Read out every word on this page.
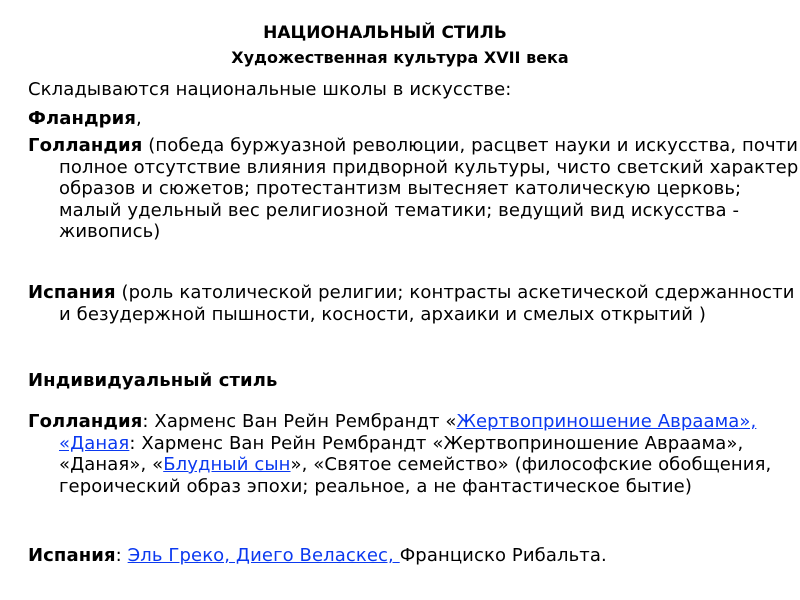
НАЦИОНАЛЬНЫЙ СТИЛЬ
Художественная культура XVII века
Складываются национальные школы в искусстве:
Фландрия,
Голландия (победа буржуазной революции, расцвет науки и искусства, почти полное отсутствие влияния придворной культуры, чисто светский характер образов и сюжетов; протестантизм вытесняет католическую церковь; малый удельный вес религиозной тематики; ведущий вид искусства - живопись)
Испания (роль католической религии; контрасты аскетической сдержанности и безудержной пышности, косности, архаики и смелых открытий )
Индивидуальный стиль
Голландия: Харменс Ван Рейн Рембрандт «Жертвоприношение Авраама», «Даная: Харменс Ван Рейн Рембрандт «Жертвоприношение Авраама», «Даная», «Блудный сын», «Святое семейство» (философские обобщения, героический образ эпохи; реальное, а не фантастическое бытие)
Испания: Эль Греко, Диего Веласкес, Франциско Рибальта.
